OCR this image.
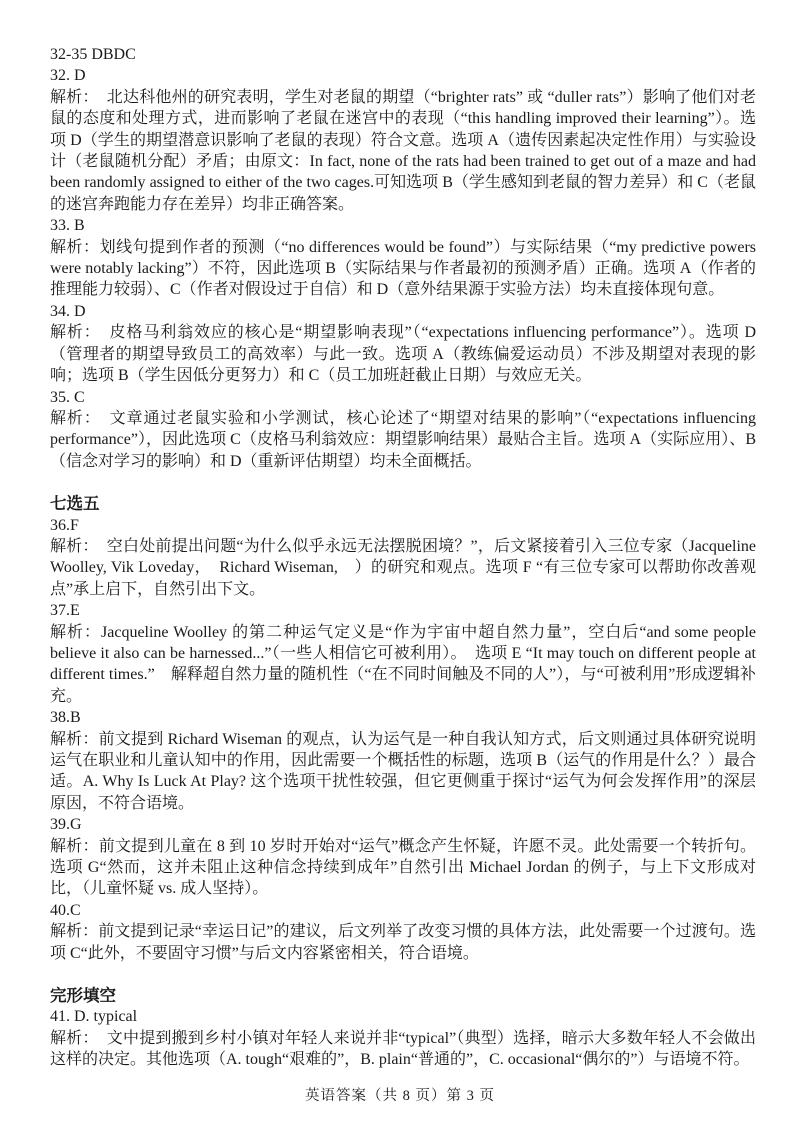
32-35 DBDC
32. D

解析：　北达科他州的研究表明，学生对老鼠的期望（“brighter rats” 或 “duller rats”）影响了他们对老鼠的态度和处理方式，进而影响了老鼠在迷宫中的表现（“this handling improved their learning”）。选项 D（学生的期望潜意识影响了老鼠的表现）符合文意。选项 A（遗传因素起决定性作用）与实验设计（老鼠随机分配）矛盾；由原文：In fact, none of the rats had been trained to get out of a maze and had been randomly assigned to either of the two cages.可知选项 B（学生感知到老鼠的智力差异）和 C（老鼠的迷宫奔跑能力存在差异）均非正确答案。

33. B

解析：划线句提到作者的预测（“no differences would be found”）与实际结果（“my predictive powers were notably lacking”）不符，因此选项 B（实际结果与作者最初的预测矛盾）正确。选项 A（作者的推理能力较弱）、C（作者对假设过于自信）和 D（意外结果源于实验方法）均未直接体现句意。

34. D

解析：　皮格马利翁效应的核心是“期望影响表现”（“expectations influencing performance”）。选项 D（管理者的期望导致员工的高效率）与此一致。选项 A（教练偏爱运动员）不涉及期望对表现的影响；选项 B（学生因低分更努力）和 C（员工加班赶截止日期）与效应无关。

35. C

解析：　文章通过老鼠实验和小学测试，核心论述了“期望对结果的影响”（“expectations influencing performance”），因此选项 C（皮格马利翁效应：期望影响结果）最贴合主旨。选项 A（实际应用）、B（信念对学习的影响）和 D（重新评估期望）均未全面概括。

七选五
36.F

解析：　空白处前提出问题“为什么似乎永远无法摆脱困境？”，后文紧接着引入三位专家（Jacqueline Woolley, Vik Loveday，　Richard Wiseman,　）的研究和观点。选项 F “有三位专家可以帮助你改善观点”承上启下，自然引出下文。

37.E

解析：Jacqueline Woolley 的第二种运气定义是“作为宇宙中超自然力量”，空白后“and some people believe it also can be harnessed...”（一些人相信它可被利用）。　选项 E “It may touch on different people at different times.”　解释超自然力量的随机性（“在不同时间触及不同的人”），与“可被利用”形成逻辑补充。

38.B

解析：前文提到 Richard Wiseman 的观点，认为运气是一种自我认知方式，后文则通过具体研究说明运气在职业和儿童认知中的作用，因此需要一个概括性的标题，选项 B（运气的作用是什么？）最合适。A. Why Is Luck At Play? 这个选项干扰性较强，但它更侧重于探讨“运气为何会发挥作用”的深层原因，不符合语境。

39.G

解析：前文提到儿童在 8 到 10 岁时开始对“运气”概念产生怀疑，许愿不灵。此处需要一个转折句。选项 G“然而，这并未阻止这种信念持续到成年”自然引出 Michael Jordan 的例子，与上下文形成对比，（儿童怀疑 vs. 成人坚持）。

40.C

解析：前文提到记录“幸运日记”的建议，后文列举了改变习惯的具体方法，此处需要一个过渡句。选项 C“此外，不要固守习惯”与后文内容紧密相关，符合语境。

完形填空
41. D. typical

解析：　文中提到搬到乡村小镇对年轻人来说并非“typical”（典型）选择，暗示大多数年轻人不会做出这样的决定。其他选项（A. tough“艰难的”，B. plain“普通的”，C. occasional“偶尔的”）与语境不符。

英语答案（共 8 页）第 3 页
